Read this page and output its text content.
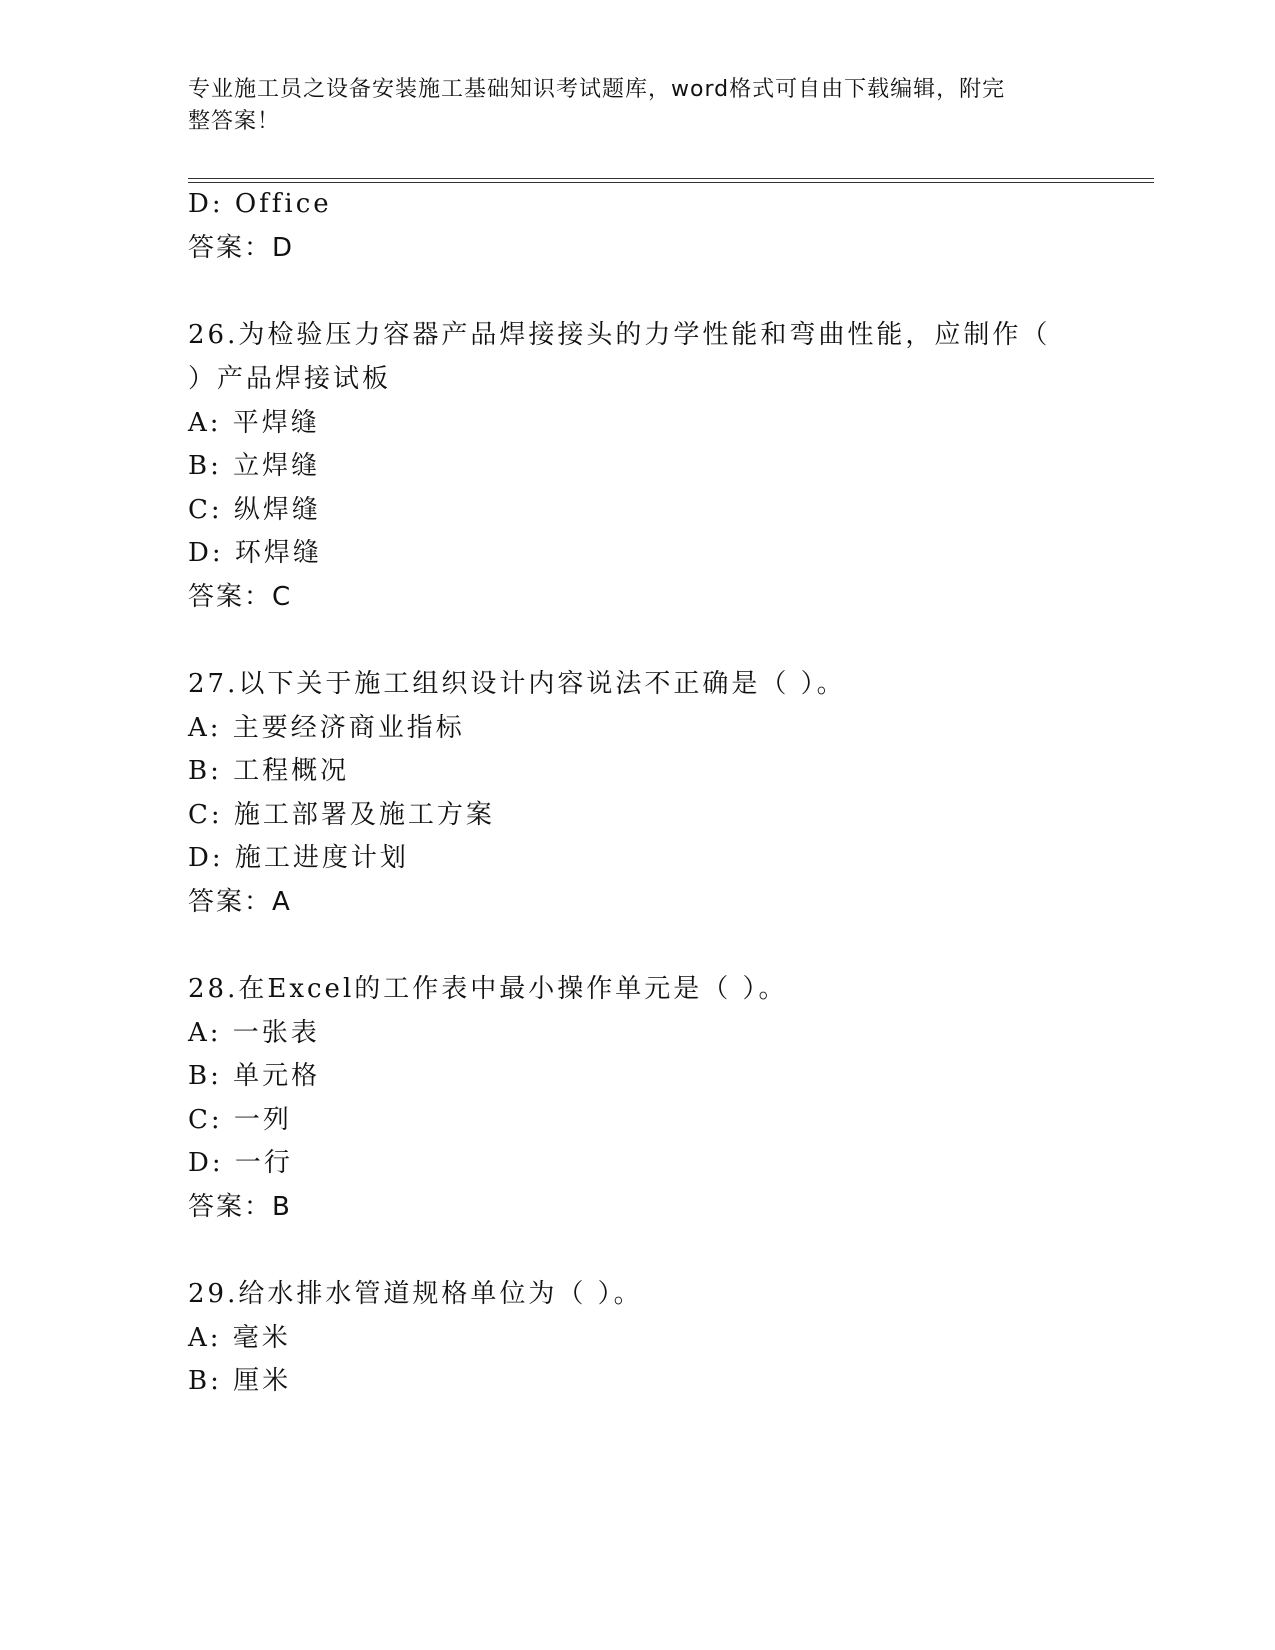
专业施工员之设备安装施工基础知识考试题库，word格式可自由下载编辑，附完
整答案！
D: Office
答案：D
26.为检验压力容器产品焊接接头的力学性能和弯曲性能，应制作（
）产品焊接试板
A: 平焊缝
B: 立焊缝
C: 纵焊缝
D: 环焊缝
答案：C
27.以下关于施工组织设计内容说法不正确是（ ）。
A: 主要经济商业指标
B: 工程概况
C: 施工部署及施工方案
D: 施工进度计划
答案：A
28.在Excel的工作表中最小操作单元是（ ）。
A: 一张表
B: 单元格
C: 一列
D: 一行
答案：B
29.给水排水管道规格单位为（ ）。
A: 毫米
B: 厘米
